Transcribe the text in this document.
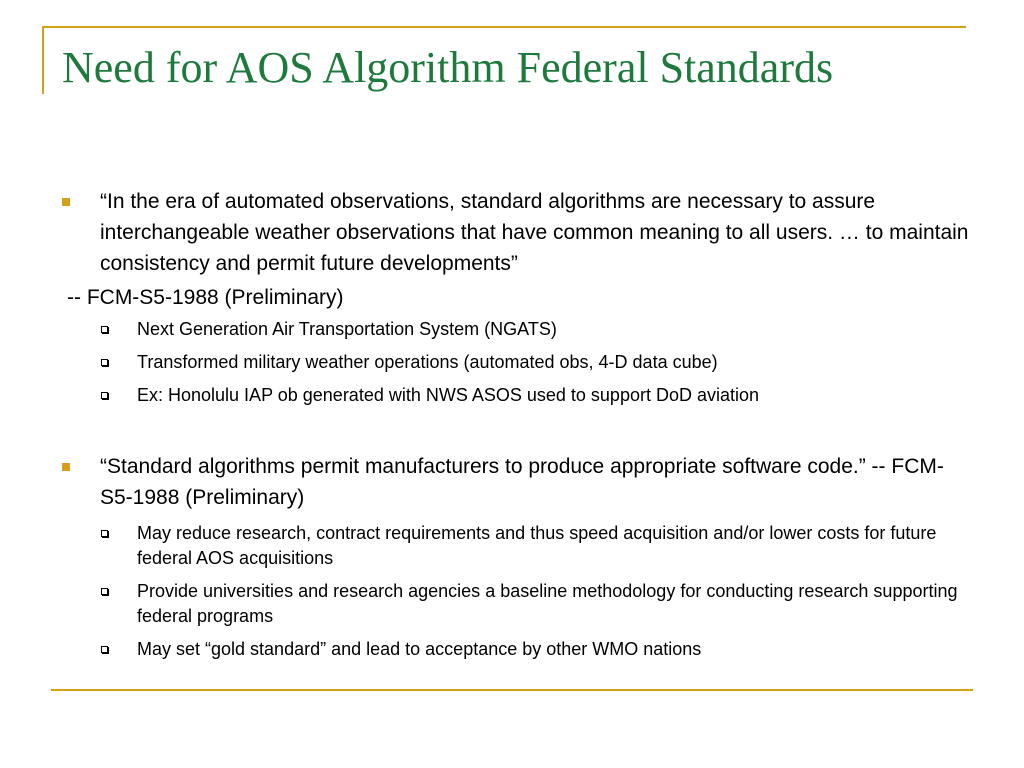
Need for AOS Algorithm Federal Standards
“In the era of automated observations, standard algorithms are necessary to assure interchangeable weather observations that have common meaning to all users. … to maintain consistency and permit future developments”
-- FCM-S5-1988 (Preliminary)
Next Generation Air Transportation System (NGATS)
Transformed military weather operations (automated obs, 4-D data cube)
Ex: Honolulu IAP ob generated with NWS ASOS used to support DoD aviation
“Standard algorithms permit manufacturers to produce appropriate software code.” -- FCM-S5-1988 (Preliminary)
May reduce research, contract requirements and thus speed acquisition and/or lower costs for future federal AOS acquisitions
Provide universities and research agencies a baseline methodology for conducting research supporting federal programs
May set “gold standard” and lead to acceptance by other WMO nations
